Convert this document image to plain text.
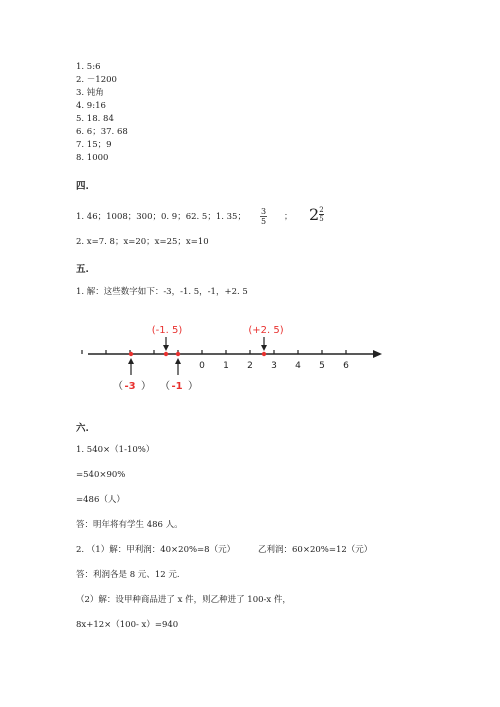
1. 5:6
2. －1200
3. 钝角
4. 9:16
5. 18. 84
6. 6；37. 68
7. 15；9
8. 1000
四.
1. 46；1008；300；0. 9；62. 5；1. 35； $\frac{3}{5}$ ； $2 \frac{2}{5}$
2. x=7. 8；x=20；x=25；x=10
五.
1. 解：这些数字如下：-3，-1. 5，-1，+2. 5
0 1 2 3 4 5 6
(-1. 5)	(+2. 5)
（ -3 ） （ -1 ）
六.
1. 540×（1-10%）
=540×90%
=486（人）
答：明年将有学生 486 人。
2. （1）解：甲利润：40×20%=8（元）	乙利润：60×20%=12（元）
答：利润各是 8 元、12 元.
（2）解：设甲种商品进了 x 件，则乙种进了 100-x 件，
8x+12×（100- x）=940
